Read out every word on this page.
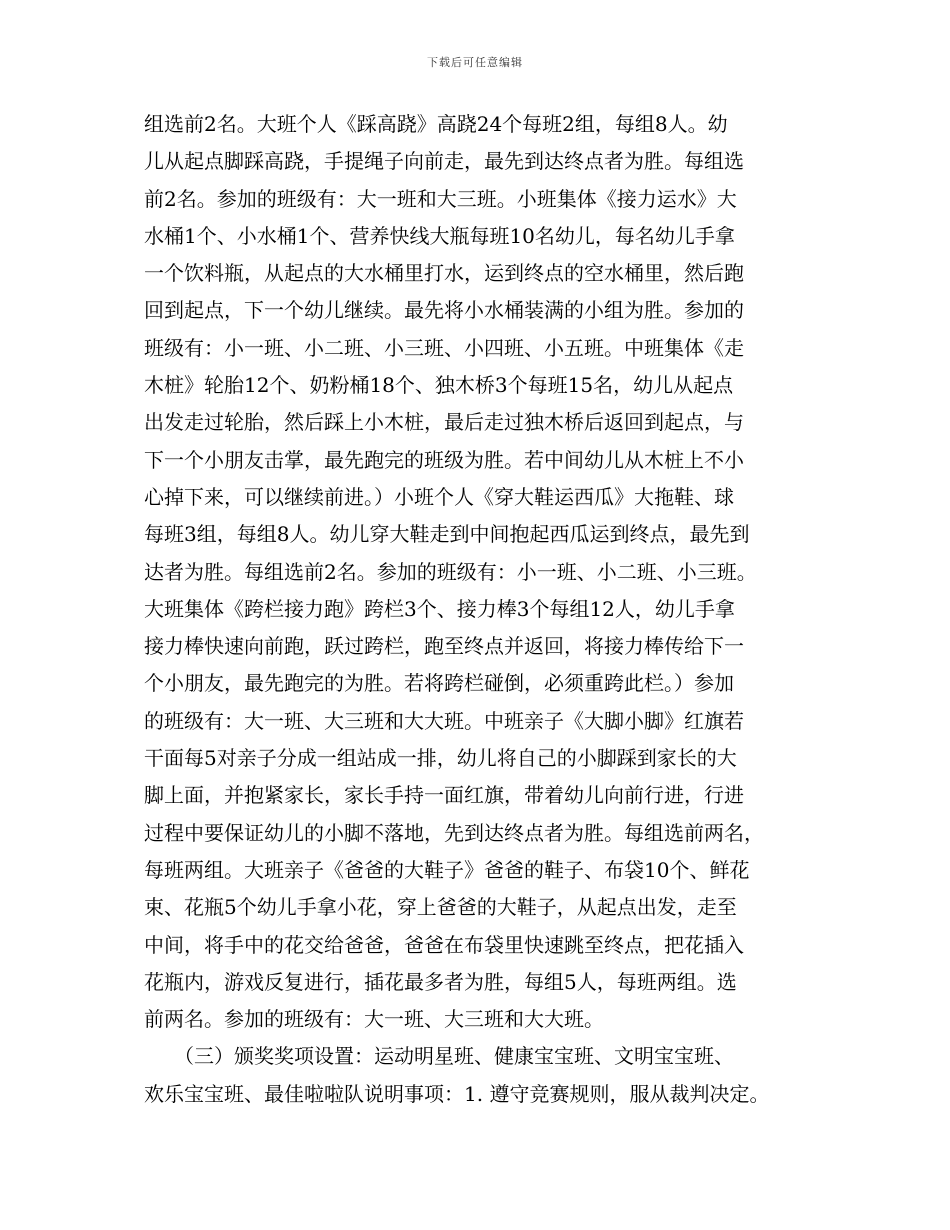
下载后可任意编辑
组选前2名。大班个人《踩高跷》高跷24个每班2组，每组8人。幼
儿从起点脚踩高跷，手提绳子向前走，最先到达终点者为胜。每组选
前2名。参加的班级有：大一班和大三班。小班集体《接力运水》大
水桶1个、小水桶1个、营养快线大瓶每班10名幼儿，每名幼儿手拿
一个饮料瓶，从起点的大水桶里打水，运到终点的空水桶里，然后跑
回到起点，下一个幼儿继续。最先将小水桶装满的小组为胜。参加的
班级有：小一班、小二班、小三班、小四班、小五班。中班集体《走
木桩》轮胎12个、奶粉桶18个、独木桥3个每班15名，幼儿从起点
出发走过轮胎，然后踩上小木桩，最后走过独木桥后返回到起点，与
下一个小朋友击掌，最先跑完的班级为胜。若中间幼儿从木桩上不小
心掉下来，可以继续前进。）小班个人《穿大鞋运西瓜》大拖鞋、球
每班3组，每组8人。幼儿穿大鞋走到中间抱起西瓜运到终点，最先到
达者为胜。每组选前2名。参加的班级有：小一班、小二班、小三班。
大班集体《跨栏接力跑》跨栏3个、接力棒3个每组12人，幼儿手拿
接力棒快速向前跑，跃过跨栏，跑至终点并返回，将接力棒传给下一
个小朋友，最先跑完的为胜。若将跨栏碰倒，必须重跨此栏。）参加
的班级有：大一班、大三班和大大班。中班亲子《大脚小脚》红旗若
干面每5对亲子分成一组站成一排，幼儿将自己的小脚踩到家长的大
脚上面，并抱紧家长，家长手持一面红旗，带着幼儿向前行进，行进
过程中要保证幼儿的小脚不落地，先到达终点者为胜。每组选前两名，
每班两组。大班亲子《爸爸的大鞋子》爸爸的鞋子、布袋10个、鲜花
束、花瓶5个幼儿手拿小花，穿上爸爸的大鞋子，从起点出发，走至
中间，将手中的花交给爸爸，爸爸在布袋里快速跳至终点，把花插入
花瓶内，游戏反复进行，插花最多者为胜，每组5人，每班两组。选
前两名。参加的班级有：大一班、大三班和大大班。
　　（三）颁奖奖项设置：运动明星班、健康宝宝班、文明宝宝班、
欢乐宝宝班、最佳啦啦队说明事项：1. 遵守竞赛规则，服从裁判决定。
